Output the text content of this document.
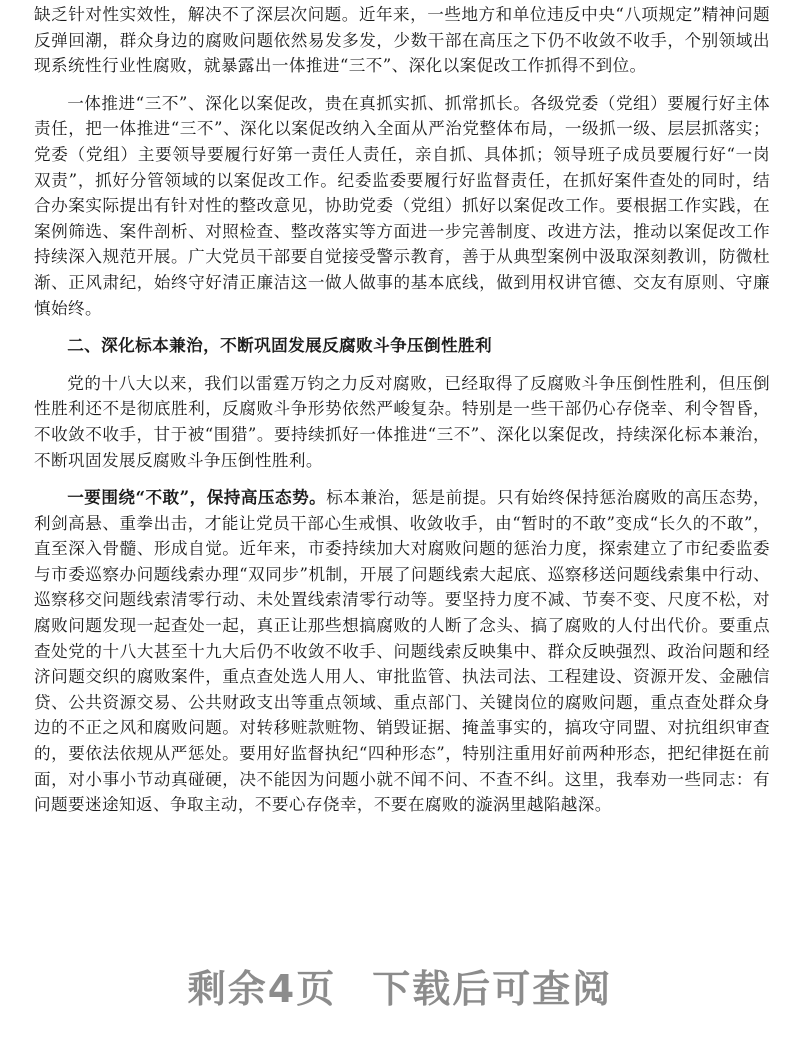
缺乏针对性实效性，解决不了深层次问题。近年来，一些地方和单位违反中央“八项规定”精神问题反弹回潮，群众身边的腐败问题依然易发多发，少数干部在高压之下仍不收敛不收手，个别领域出现系统性行业性腐败，就暴露出一体推进“三不”、深化以案促改工作抓得不到位。

一体推进“三不”、深化以案促改，贵在真抓实抓、抓常抓长。各级党委（党组）要履行好主体责任，把一体推进“三不”、深化以案促改纳入全面从严治党整体布局，一级抓一级、层层抓落实；党委（党组）主要领导要履行好第一责任人责任，亲自抓、具体抓；领导班子成员要履行好“一岗双责”，抓好分管领域的以案促改工作。纪委监委要履行好监督责任，在抓好案件查处的同时，结合办案实际提出有针对性的整改意见，协助党委（党组）抓好以案促改工作。要根据工作实践，在案例筛选、案件剖析、对照检查、整改落实等方面进一步完善制度、改进方法，推动以案促改工作持续深入规范开展。广大党员干部要自觉接受警示教育，善于从典型案例中汲取深刻教训，防微杜渐、正风肃纪，始终守好清正廉洁这一做人做事的基本底线，做到用权讲官德、交友有原则、守廉慎始终。

二、深化标本兼治，不断巩固发展反腐败斗争压倒性胜利

党的十八大以来，我们以雷霆万钧之力反对腐败，已经取得了反腐败斗争压倒性胜利，但压倒性胜利还不是彻底胜利，反腐败斗争形势依然严峻复杂。特别是一些干部仍心存侥幸、利令智昏，不收敛不收手，甘于被“围猎”。要持续抓好一体推进“三不”、深化以案促改，持续深化标本兼治，不断巩固发展反腐败斗争压倒性胜利。

一要围绕“不敢”，保持高压态势。标本兼治，惩是前提。只有始终保持惩治腐败的高压态势，利剑高悬、重拳出击，才能让党员干部心生戒惧、收敛收手，由“暂时的不敢”变成“长久的不敢”，直至深入骨髓、形成自觉。近年来，市委持续加大对腐败问题的惩治力度，探索建立了市纪委监委与市委巡察办问题线索办理“双同步”机制，开展了问题线索大起底、巡察移送问题线索集中行动、巡察移交问题线索清零行动、未处置线索清零行动等。要坚持力度不减、节奏不变、尺度不松，对腐败问题发现一起查处一起，真正让那些想搞腐败的人断了念头、搞了腐败的人付出代价。要重点查处党的十八大甚至十九大后仍不收敛不收手、问题线索反映集中、群众反映强烈、政治问题和经济问题交织的腐败案件，重点查处选人用人、审批监管、执法司法、工程建设、资源开发、金融信贷、公共资源交易、公共财政支出等重点领域、重点部门、关键岗位的腐败问题，重点查处群众身边的不正之风和腐败问题。对转移赃款赃物、销毁证据、掩盖事实的，搞攻守同盟、对抗组织审查的，要依法依规从严惩处。要用好监督执纪“四种形态”，特别注重用好前两种形态，把纪律挺在前面，对小事小节动真碰硬，决不能因为问题小就不闻不问、不查不纠。这里，我奉劝一些同志：有问题要迷途知返、争取主动，不要心存侥幸，不要在腐败的漩涡里越陷越深。

剩余4页 下载后可查阅
